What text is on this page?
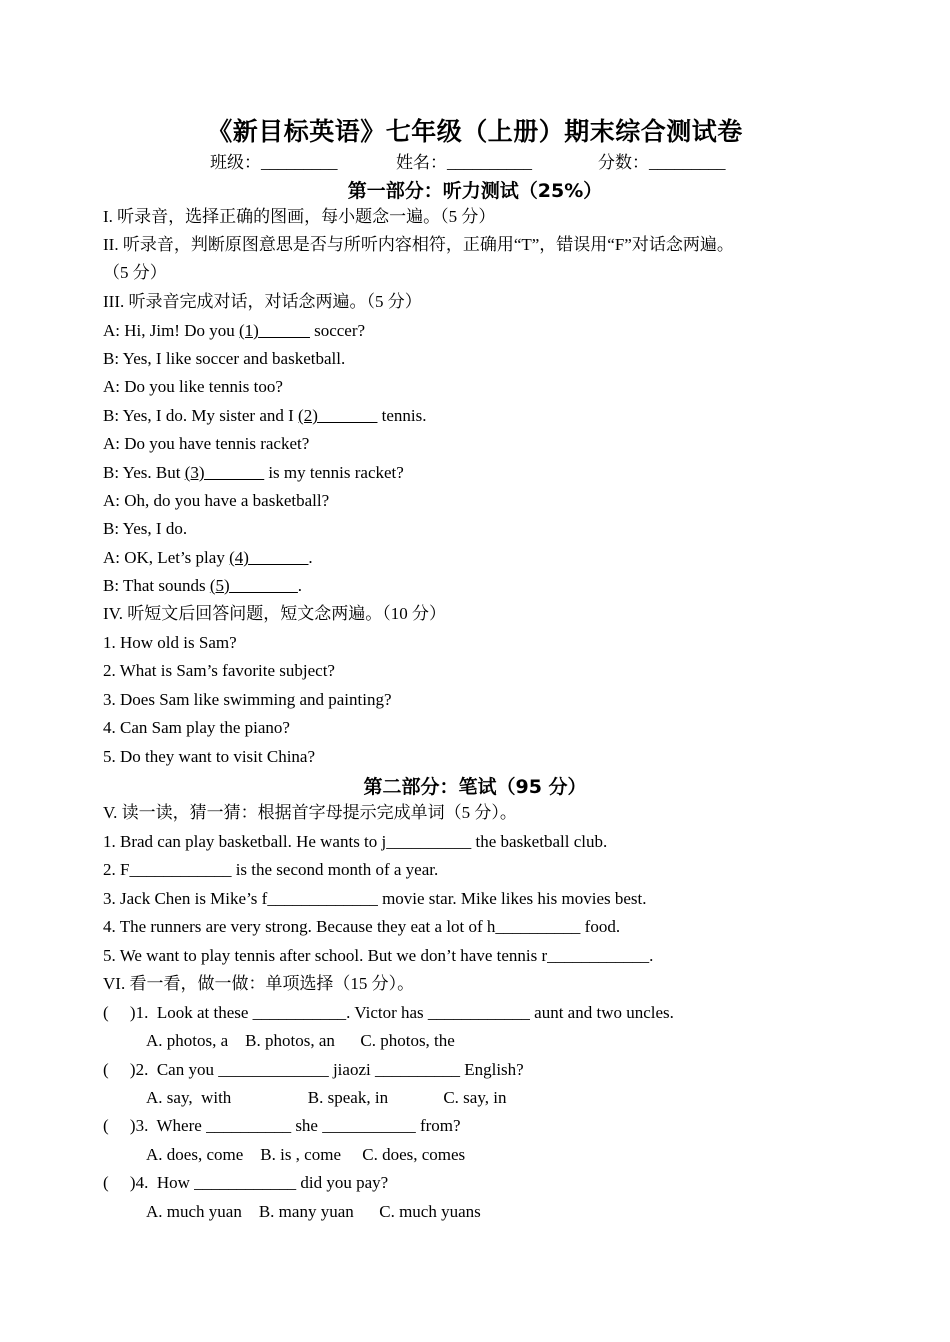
《新目标英语》七年级（上册）期末综合测试卷
班级：_________	姓名：__________	分数：_________
第一部分：听力测试（25%）
I. 听录音，选择正确的图画，每小题念一遍。（5 分）
II. 听录音，判断原图意思是否与所听内容相符，正确用“T”，错误用“F”对话念两遍。
（5 分）
III. 听录音完成对话，对话念两遍。（5 分）
A: Hi, Jim! Do you (1)______ soccer?
B: Yes, I like soccer and basketball.
A: Do you like tennis too?
B: Yes, I do. My sister and I (2)_______ tennis.
A: Do you have tennis racket?
B: Yes. But (3)_______ is my tennis racket?
A: Oh, do you have a basketball?
B: Yes, I do.
A: OK, Let’s play (4)_______.
B: That sounds (5)________.
IV. 听短文后回答问题，短文念两遍。（10 分）
1. How old is Sam?
2. What is Sam’s favorite subject?
3. Does Sam like swimming and painting?
4. Can Sam play the piano?
5. Do they want to visit China?
第二部分：笔试（95 分）
V. 读一读，猜一猜：根据首字母提示完成单词（5 分）。
1. Brad can play basketball. He wants to j__________ the basketball club.
2. F____________ is the second month of a year.
3. Jack Chen is Mike’s f_____________ movie star. Mike likes his movies best.
4. The runners are very strong. Because they eat a lot of h__________ food.
5. We want to play tennis after school. But we don’t have tennis r____________.
VI. 看一看，做一做：单项选择（15 分）。
(     )1.  Look at these ___________. Victor has ____________ aunt and two uncles.
A. photos, a    B. photos, an      C. photos, the
(     )2.  Can you _____________ jiaozi __________ English?
A. say,  with                  B. speak, in             C. say, in
(     )3.  Where __________ she ___________ from?
A. does, come    B. is , come     C. does, comes
(     )4.  How ____________ did you pay?
A. much yuan    B. many yuan      C. much yuans
